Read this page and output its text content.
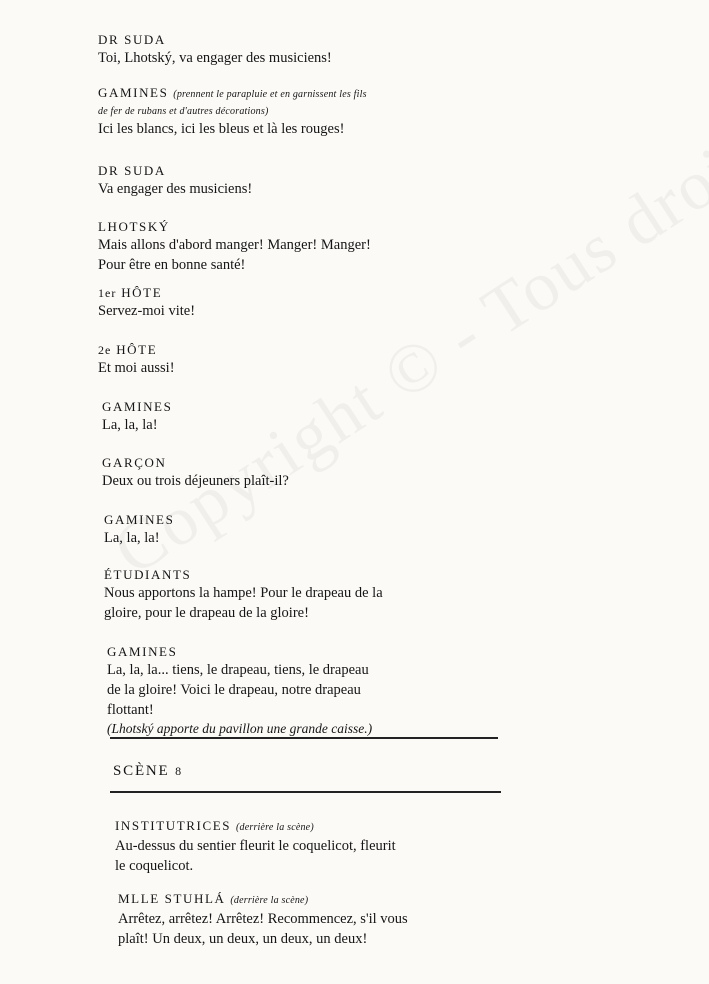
DR SUDA
Toi, Lhotský, va engager des musiciens!
GAMINES (prennent le parapluie et en garnissent les fils
de fer de rubans et d'autres décorations)
Ici les blancs, ici les bleus et là les rouges!
DR SUDA
Va engager des musiciens!
LHOTSKÝ
Mais allons d'abord manger! Manger! Manger!
Pour être en bonne santé!
1er HÔTE
Servez-moi vite!
2e HÔTE
Et moi aussi!
GAMINES
La, la, la!
GARÇON
Deux ou trois déjeuners plaît-il?
GAMINES
La, la, la!
ÉTUDIANTS
Nous apportons la hampe! Pour le drapeau de la
gloire, pour le drapeau de la gloire!
GAMINES
La, la, la... tiens, le drapeau, tiens, le drapeau
de la gloire! Voici le drapeau, notre drapeau
flottant!
(Lhotský apporte du pavillon une grande caisse.)
SCÈNE 8
INSTITUTRICES (derrière la scène)
Au-dessus du sentier fleurit le coquelicot, fleurit
le coquelicot.
MLLE STUHLÁ (derrière la scène)
Arrêtez, arrêtez! Arrêtez! Recommencez, s'il vous
plaît! Un deux, un deux, un deux, un deux!
